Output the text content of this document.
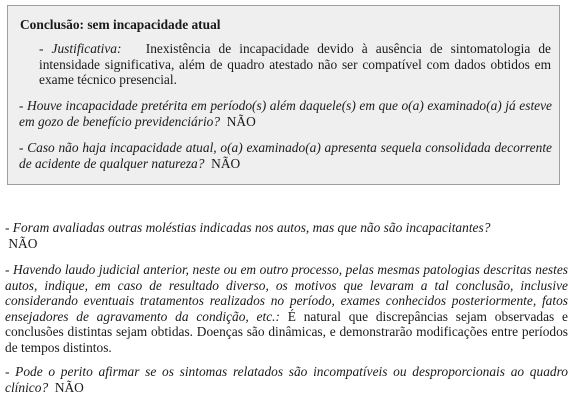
Conclusão: sem incapacidade atual
- Justificativa: Inexistência de incapacidade devido à ausência de sintomatologia de intensidade significativa, além de quadro atestado não ser compatível com dados obtidos em exame técnico presencial.
- Houve incapacidade pretérita em período(s) além daquele(s) em que o(a) examinado(a) já esteve em gozo de benefício previdenciário? NÃO
- Caso não haja incapacidade atual, o(a) examinado(a) apresenta sequela consolidada decorrente de acidente de qualquer natureza? NÃO
- Foram avaliadas outras moléstias indicadas nos autos, mas que não são incapacitantes?
NÃO
- Havendo laudo judicial anterior, neste ou em outro processo, pelas mesmas patologias descritas nestes autos, indique, em caso de resultado diverso, os motivos que levaram a tal conclusão, inclusive considerando eventuais tratamentos realizados no período, exames conhecidos posteriormente, fatos ensejadores de agravamento da condição, etc.: É natural que discrepâncias sejam observadas e conclusões distintas sejam obtidas. Doenças são dinâmicas, e demonstrarão modificações entre períodos de tempos distintos.
- Pode o perito afirmar se os sintomas relatados são incompatíveis ou desproporcionais ao quadro clínico? NÃO
